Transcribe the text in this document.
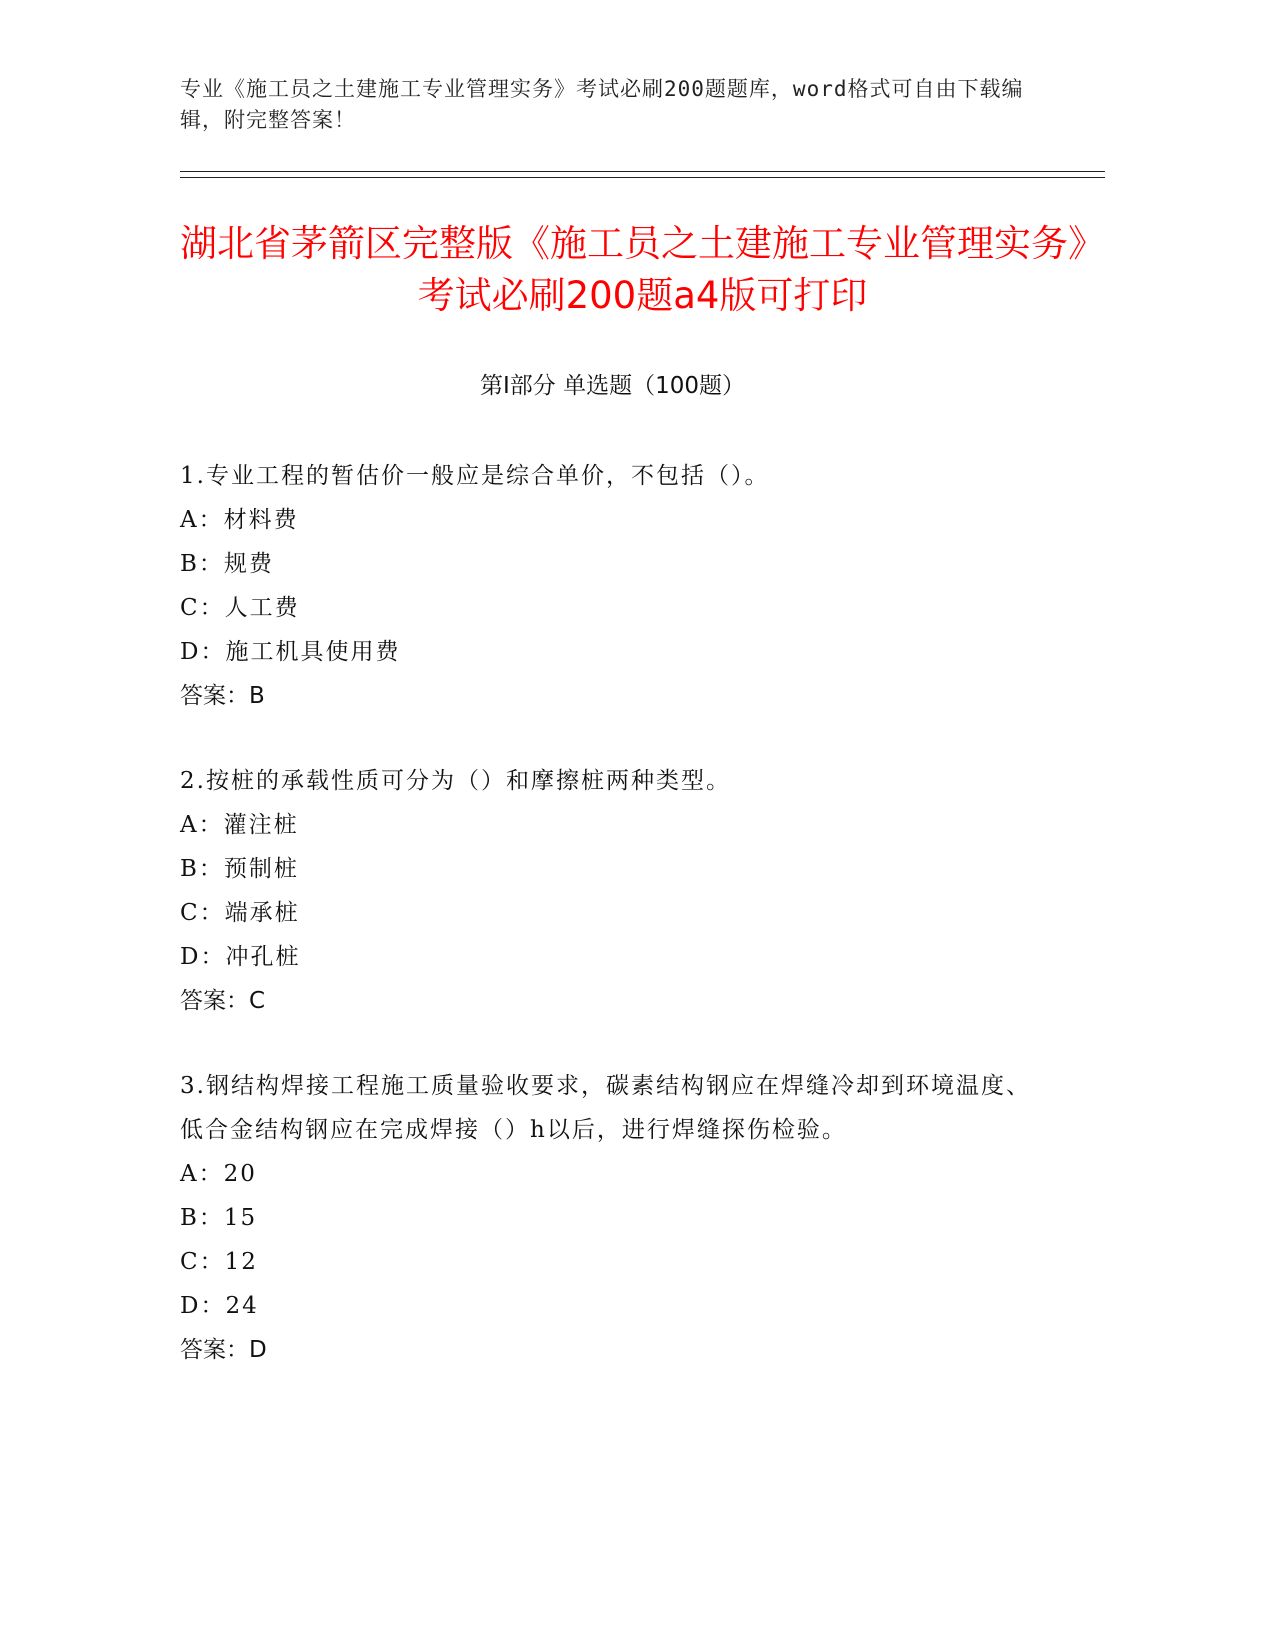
专业《施工员之土建施工专业管理实务》考试必刷200题题库，word格式可自由下载编辑，附完整答案！
湖北省茅箭区完整版《施工员之土建施工专业管理实务》考试必刷200题a4版可打印
第Ⅰ部分 单选题（100题）
1.专业工程的暂估价一般应是综合单价，不包括（）。
A：材料费
B：规费
C：人工费
D：施工机具使用费
答案：B
2.按桩的承载性质可分为（）和摩擦桩两种类型。
A：灌注桩
B：预制桩
C：端承桩
D：冲孔桩
答案：C
3.钢结构焊接工程施工质量验收要求，碳素结构钢应在焊缝冷却到环境温度、低合金结构钢应在完成焊接（）h以后，进行焊缝探伤检验。
A：20
B：15
C：12
D：24
答案：D
